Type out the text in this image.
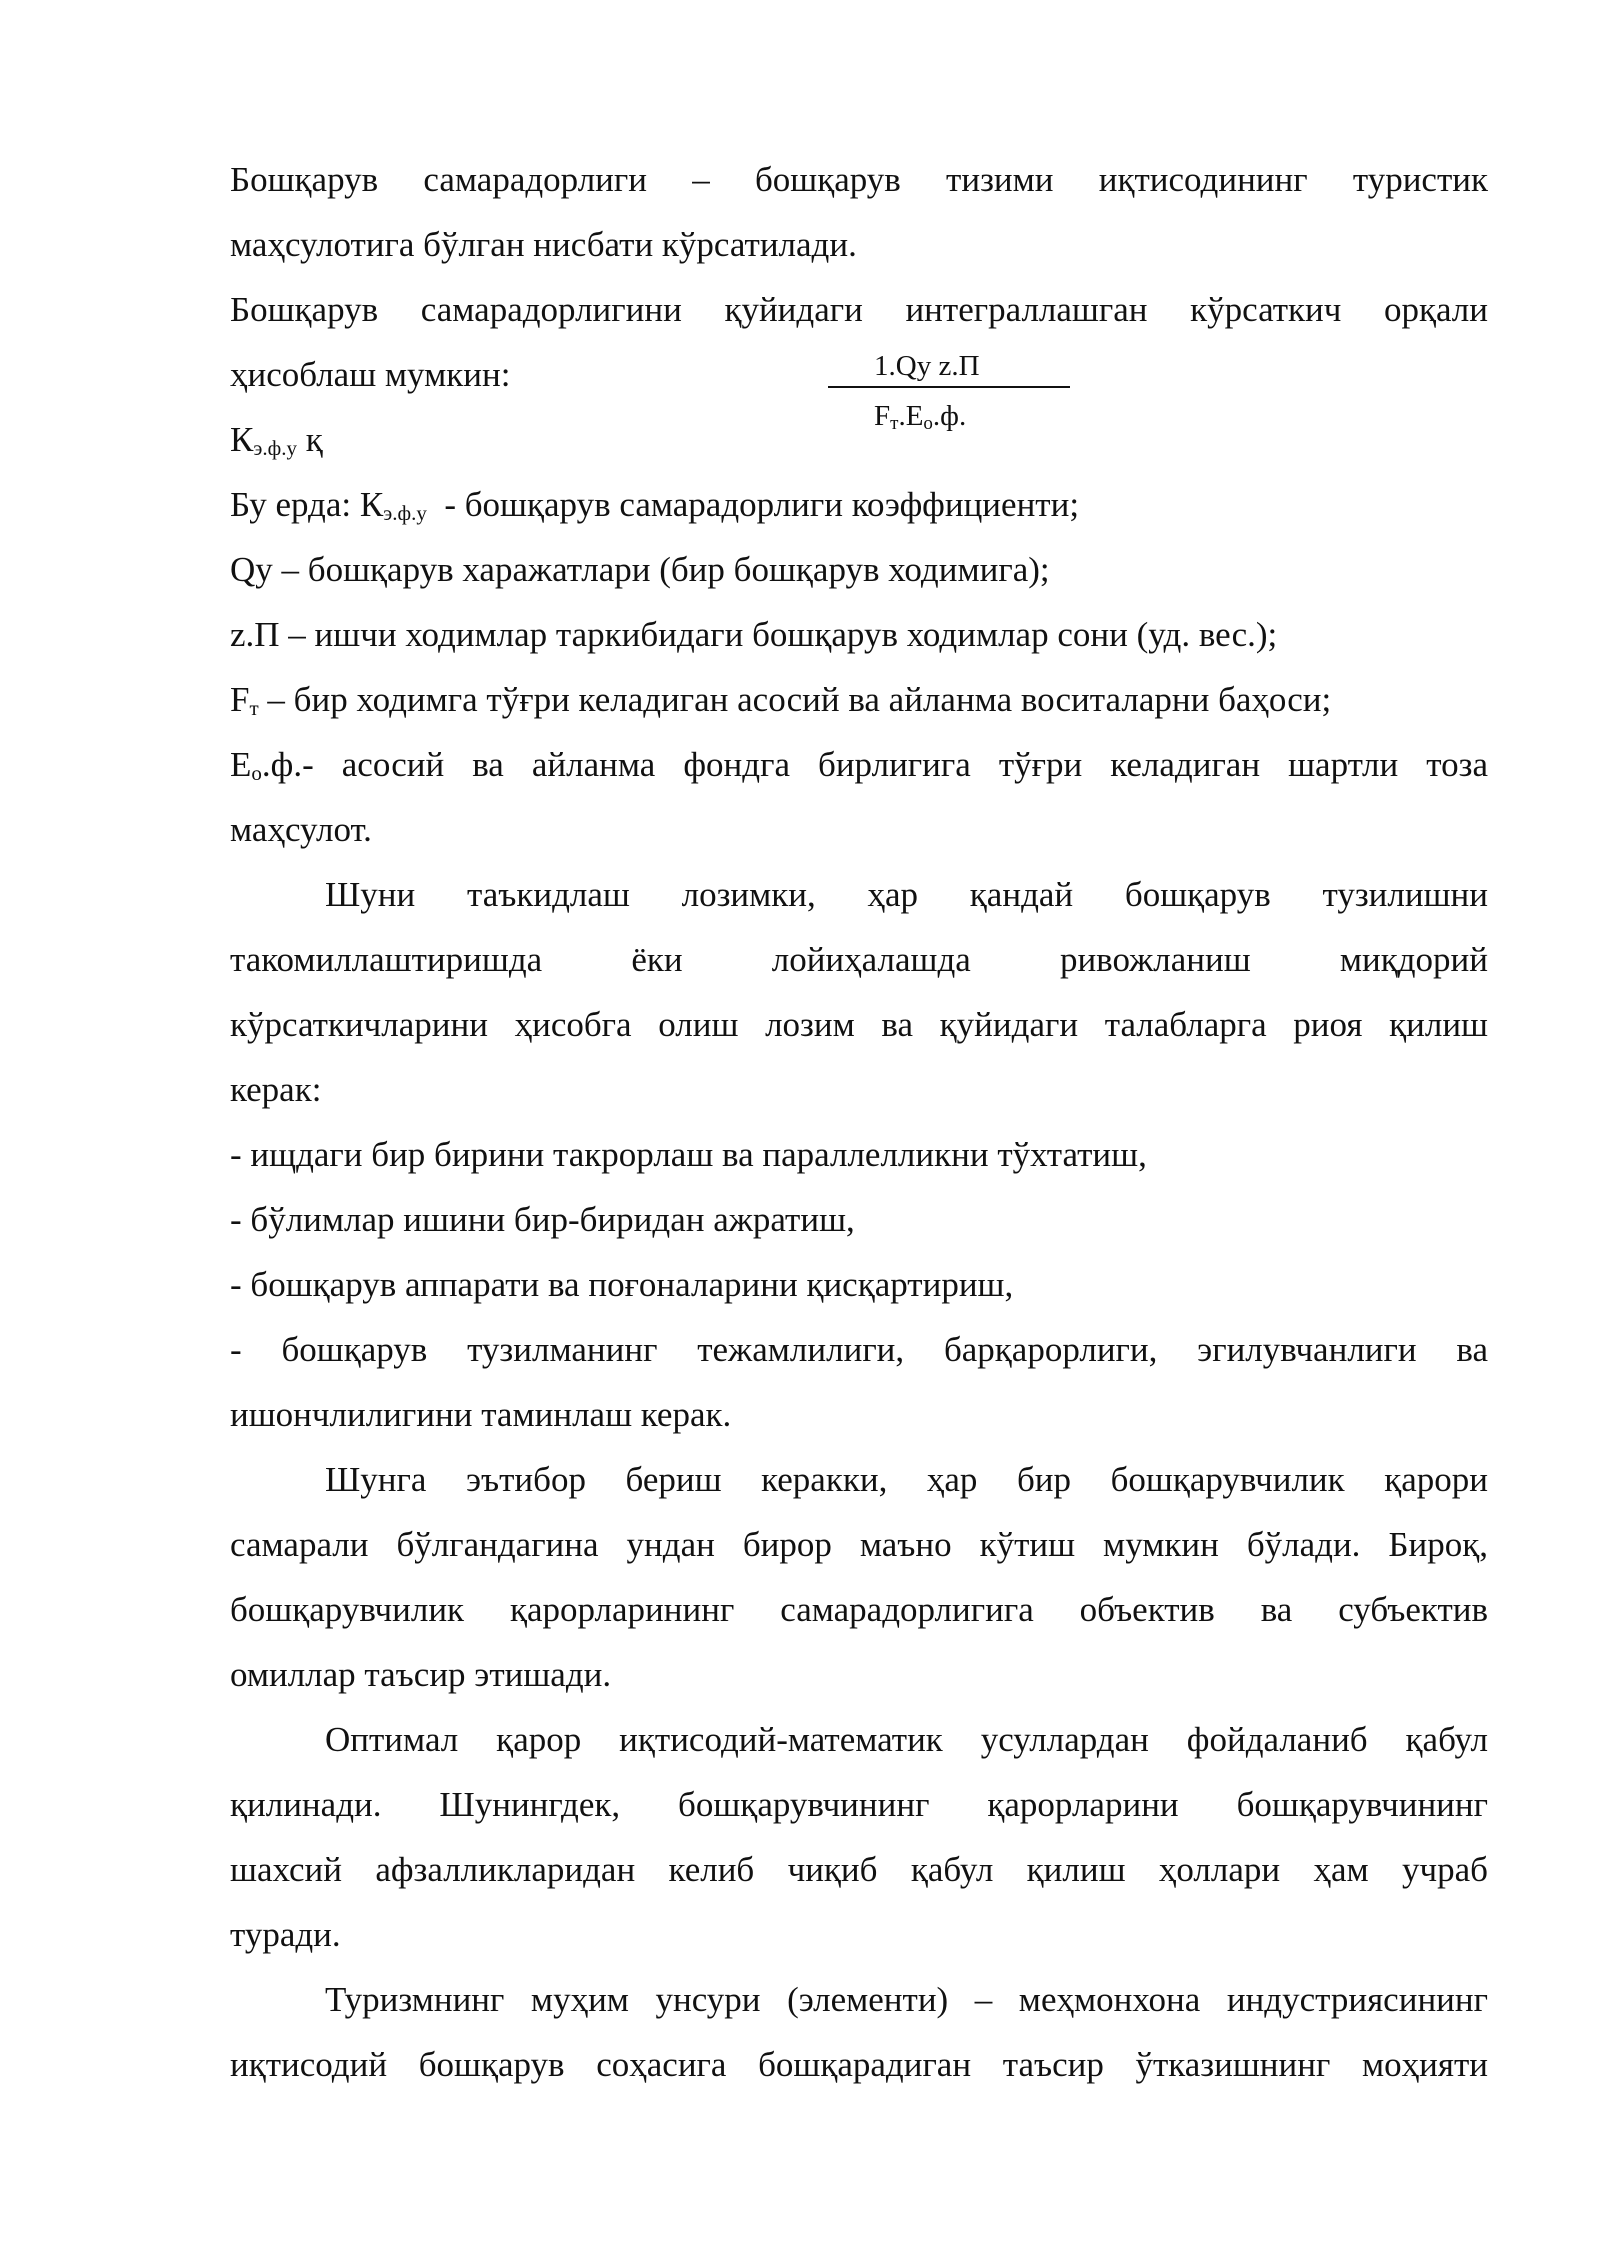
Бошқарув самарадорлиги – бошқарув тизими иқтисодининг туристик
маҳсулотига бўлган нисбати кўрсатилади.
Бошқарув самарадорлигини қуйидаги интеграллашган кўрсаткич орқали
ҳисоблаш мумкин:	1.Qу z.П
$F_т.E_о.ф$.
$К_{э.ф.у}$ қ
Бу ерда: $К_{э.ф.у}$  - бошқарув самарадорлиги коэффициенти;
Qу – бошқарув харажатлари (бир бошқарув ходимига);
z.П – ишчи ходимлар таркибидаги бошқарув ходимлар сони (уд. вес.);
$F_т$ – бир ходимга тўғри келадиган асосий ва айланма воситаларни баҳоси;
$E_о.ф.-$ асосий ва айланма фондга бирлигига тўғри келадиган шартли тоза
маҳсулот.
Шуни таъкидлаш лозимки, ҳар қандай бошқарув тузилишни
такомиллаштиришда ёки лойиҳалашда ривожланиш миқдорий
кўрсаткичларини ҳисобга олиш лозим ва қуйидаги талабларга риоя қилиш
керак:
- ищдаги бир бирини такрорлаш ва параллелликни тўхтатиш,
- бўлимлар ишини бир-биридан ажратиш,
- бошқарув аппарати ва поғоналарини қисқартириш,
- бошқарув тузилманинг тежамлилиги, барқарорлиги, эгилувчанлиги ва
ишончлилигини таминлаш керак.
Шунга эътибор бериш керакки, ҳар бир бошқарувчилик қарори
самарали бўлгандагина ундан бирор маъно кўтиш мумкин бўлади. Бироқ,
бошқарувчилик қарорларининг самарадорлигига объектив ва субъектив
омиллар таъсир этишади.
Оптимал қарор иқтисодий-математик усуллардан фойдаланиб қабул
қилинади. Шунингдек, бошқарувчининг қарорларини бошқарувчининг
шахсий афзалликларидан келиб чиқиб қабул қилиш ҳоллари ҳам учраб
туради.
Туризмнинг муҳим унсури (элементи) – меҳмонхона индустриясининг
иқтисодий бошқарув соҳасига бошқарадиган таъсир ўтказишнинг моҳияти
